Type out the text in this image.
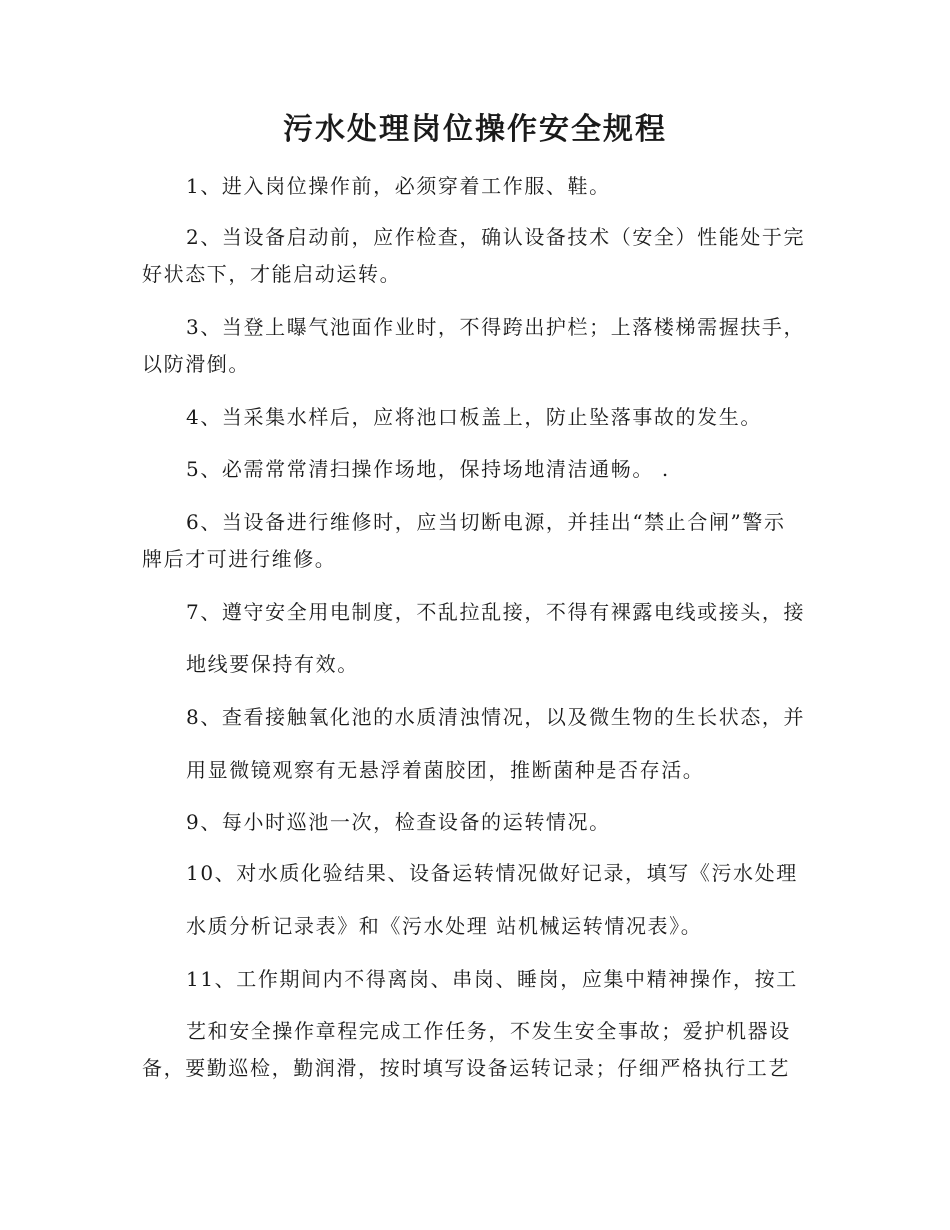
污水处理岗位操作安全规程
1、进入岗位操作前，必须穿着工作服、鞋。
2、当设备启动前，应作检查，确认设备技术（安全）性能处于完
好状态下，才能启动运转。
3、当登上曝气池面作业时，不得跨出护栏；上落楼梯需握扶手，
以防滑倒。
4、当采集水样后，应将池口板盖上，防止坠落事故的发生。
5、必需常常清扫操作场地，保持场地清洁通畅。 .
6、当设备进行维修时，应当切断电源，并挂出“禁止合闸”警示
牌后才可进行维修。
7、遵守安全用电制度，不乱拉乱接，不得有裸露电线或接头，接
地线要保持有效。
8、查看接触氧化池的水质清浊情况，以及微生物的生长状态，并
用显微镜观察有无悬浮着菌胶团，推断菌种是否存活。
9、每小时巡池一次，检查设备的运转情况。
10、对水质化验结果、设备运转情况做好记录，填写《污水处理
水质分析记录表》和《污水处理 站机械运转情况表》。
11、工作期间内不得离岗、串岗、睡岗，应集中精神操作，按工
艺和安全操作章程完成工作任务，不发生安全事故；爱护机器设
备，要勤巡检，勤润滑，按时填写设备运转记录；仔细严格执行工艺
